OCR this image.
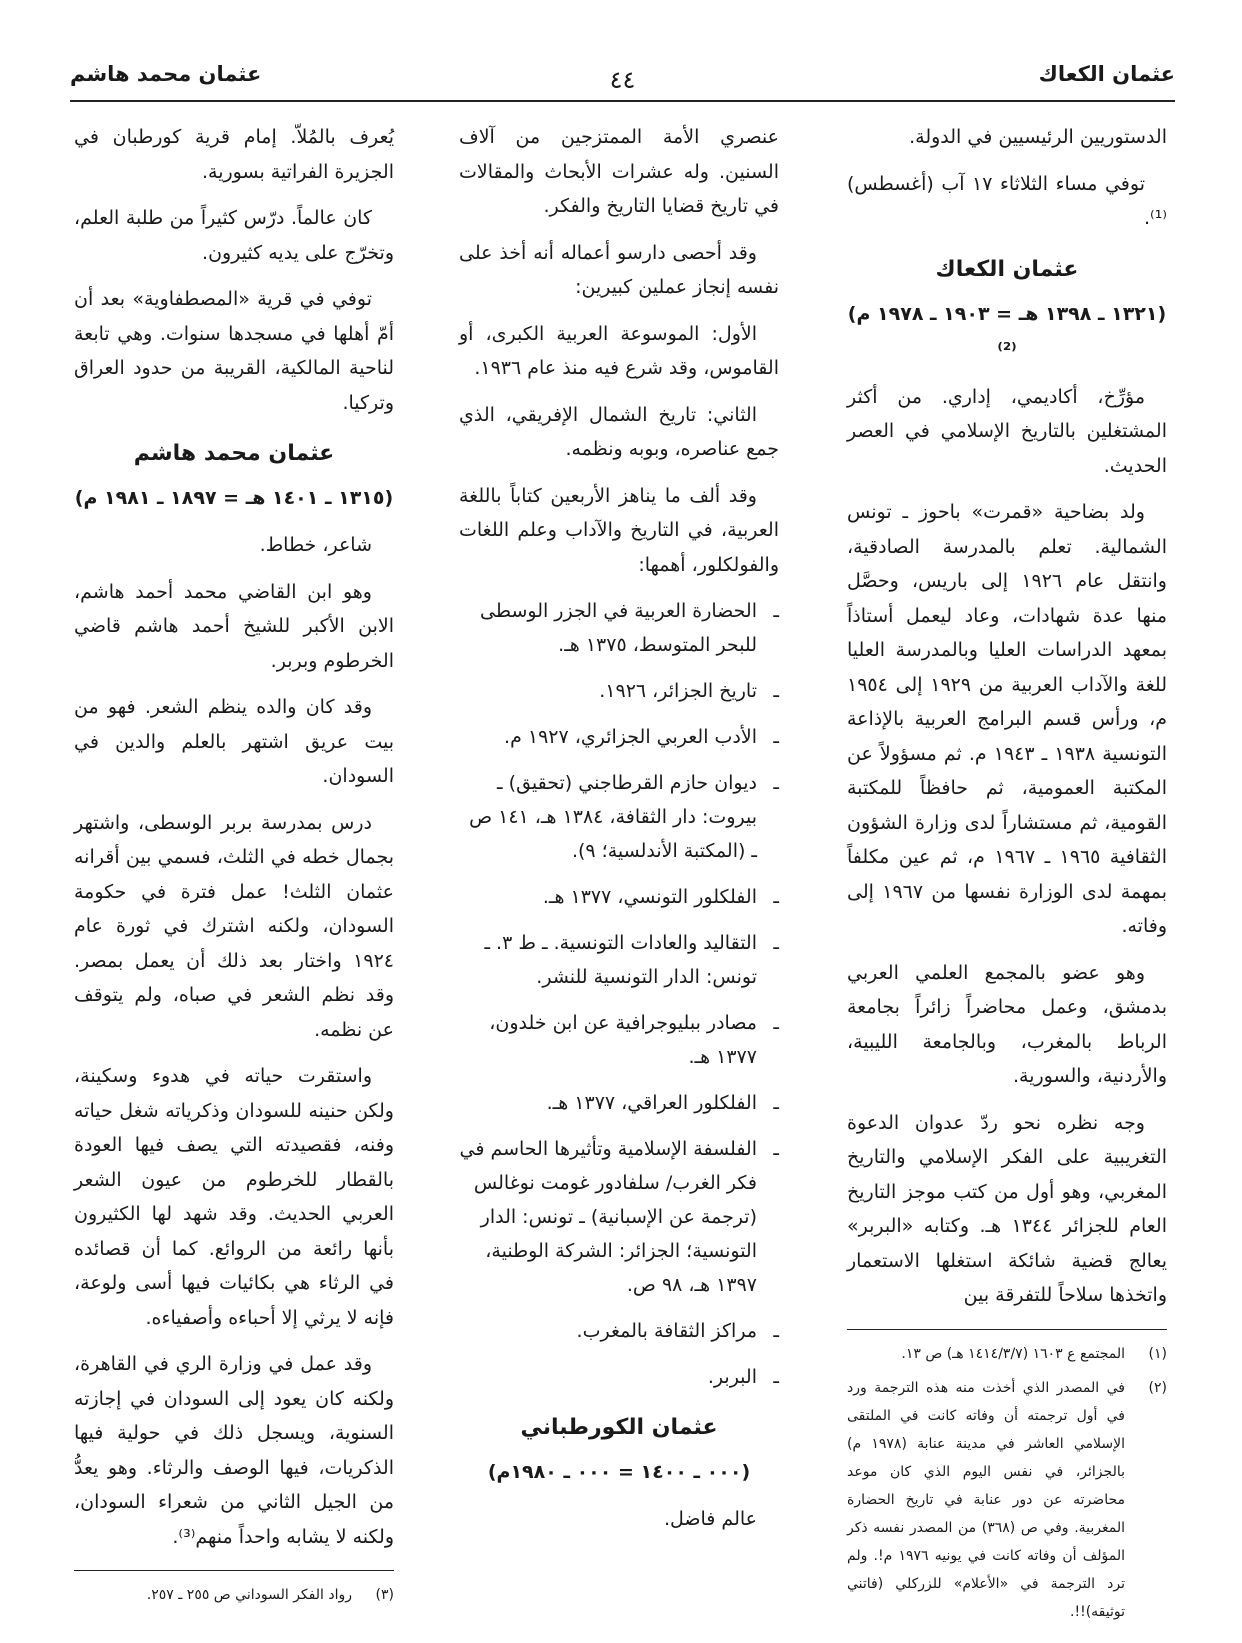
عثمان الكعاك
٤٤
عثمان محمد هاشم

الدستوريين الرئيسيين في الدولة.

توفي مساء الثلاثاء ١٧ آب (أغسطس)⁽¹⁾.

عثمان الكعاك
(١٣٢١ ـ ١٣٩٨ هـ = ١٩٠٣ ـ ١٩٧٨ م)⁽²⁾

مؤرِّخ، أكاديمي، إداري. من أكثر المشتغلين بالتاريخ الإسلامي في العصر الحديث.

ولد بضاحية «قمرت» باحوز ـ تونس الشمالية. تعلم بالمدرسة الصادقية، وانتقل عام ١٩٢٦ إلى باريس، وحصَّل منها عدة شهادات، وعاد ليعمل أستاذاً بمعهد الدراسات العليا وبالمدرسة العليا للغة والآداب العربية من ١٩٢٩ إلى ١٩٥٤ م، ورأس قسم البرامج العربية بالإذاعة التونسية ١٩٣٨ ـ ١٩٤٣ م. ثم مسؤولاً عن المكتبة العمومية، ثم حافظاً للمكتبة القومية، ثم مستشاراً لدى وزارة الشؤون الثقافية ١٩٦٥ ـ ١٩٦٧ م، ثم عين مكلفاً بمهمة لدى الوزارة نفسها من ١٩٦٧ إلى وفاته.

وهو عضو بالمجمع العلمي العربي بدمشق، وعمل محاضراً زائراً بجامعة الرباط بالمغرب، وبالجامعة الليبية، والأردنية، والسورية.

وجه نظره نحو ردّ عدوان الدعوة التغريبية على الفكر الإسلامي والتاريخ المغربي، وهو أول من كتب موجز التاريخ العام للجزائر ١٣٤٤ هـ. وكتابه «البربر» يعالج قضية شائكة استغلها الاستعمار واتخذها سلاحاً للتفرقة بين

(١)
المجتمع ع ١٦٠٣ (١٤١٤/٣/٧ هـ) ص ١٣.
(٢)
في المصدر الذي أخذت منه هذه الترجمة ورد في أول ترجمته أن وفاته كانت في الملتقى الإسلامي العاشر في مدينة عنابة (١٩٧٨ م) بالجزائر، في نفس اليوم الذي كان موعد محاضرته عن دور عنابة في تاريخ الحضارة المغربية. وفي ص (٣٦٨) من المصدر نفسه ذكر المؤلف أن وفاته كانت في يونيه ١٩٧٦ م!. ولم ترد الترجمة في «الأعلام» للزركلي (فاتني توثيقه)!!.

عنصري الأمة الممتزجين من آلاف السنين. وله عشرات الأبحاث والمقالات في تاريخ قضايا التاريخ والفكر.

وقد أحصى دارسو أعماله أنه أخذ على نفسه إنجاز عملين كبيرين:

الأول: الموسوعة العربية الكبرى، أو القاموس، وقد شرع فيه منذ عام ١٩٣٦.

الثاني: تاريخ الشمال الإفريقي، الذي جمع عناصره، وبوبه ونظمه.

وقد ألف ما يناهز الأربعين كتاباً باللغة العربية، في التاريخ والآداب وعلم اللغات والفولكلور، أهمها:

ـ
الحضارة العربية في الجزر الوسطى للبحر المتوسط، ١٣٧٥ هـ.
ـ
تاريخ الجزائر، ١٩٢٦.
ـ
الأدب العربي الجزائري، ١٩٢٧ م.
ـ
ديوان حازم القرطاجني (تحقيق) ـ بيروت: دار الثقافة، ١٣٨٤ هـ، ١٤١ ص ـ (المكتبة الأندلسية؛ ٩).
ـ
الفلكلور التونسي، ١٣٧٧ هـ.
ـ
التقاليد والعادات التونسية. ـ ط ٣. ـ تونس: الدار التونسية للنشر.
ـ
مصادر ببليوجرافية عن ابن خلدون، ١٣٧٧ هـ.
ـ
الفلكلور العراقي، ١٣٧٧ هـ.
ـ
الفلسفة الإسلامية وتأثيرها الحاسم في فكر الغرب/ سلفادور غومت نوغالس (ترجمة عن الإسبانية) ـ تونس: الدار التونسية؛ الجزائر: الشركة الوطنية، ١٣٩٧ هـ، ٩٨ ص.
ـ
مراكز الثقافة بالمغرب.
ـ
البربر.
عثمان الكورطباني
(٠٠٠ ـ ١٤٠٠ = ٠٠٠ ـ ١٩٨٠م)

عالم فاضل.

يُعرف بالمُلاّ. إمام قرية كورطبان في الجزيرة الفراتية بسورية.

كان عالماً. درّس كثيراً من طلبة العلم، وتخرّج على يديه كثيرون.

توفي في قرية «المصطفاوية» بعد أن أمّ أهلها في مسجدها سنوات. وهي تابعة لناحية المالكية، القريبة من حدود العراق وتركيا.

عثمان محمد هاشم
(١٣١٥ ـ ١٤٠١ هـ = ١٨٩٧ ـ ١٩٨١ م)

شاعر، خطاط.

وهو ابن القاضي محمد أحمد هاشم، الابن الأكبر للشيخ أحمد هاشم قاضي الخرطوم وبربر.

وقد كان والده ينظم الشعر. فهو من بيت عريق اشتهر بالعلم والدين في السودان.

درس بمدرسة بربر الوسطى، واشتهر بجمال خطه في الثلث، فسمي بين أقرانه عثمان الثلث! عمل فترة في حكومة السودان، ولكنه اشترك في ثورة عام ١٩٢٤ واختار بعد ذلك أن يعمل بمصر. وقد نظم الشعر في صباه، ولم يتوقف عن نظمه.

واستقرت حياته في هدوء وسكينة، ولكن حنينه للسودان وذكرياته شغل حياته وفنه، فقصيدته التي يصف فيها العودة بالقطار للخرطوم من عيون الشعر العربي الحديث. وقد شهد لها الكثيرون بأنها رائعة من الروائع. كما أن قصائده في الرثاء هي بكائيات فيها أسى ولوعة، فإنه لا يرثي إلا أحباءه وأصفياءه.

وقد عمل في وزارة الري في القاهرة، ولكنه كان يعود إلى السودان في إجازته السنوية، ويسجل ذلك في حولية فيها الذكريات، فيها الوصف والرثاء. وهو يعدُّ من الجيل الثاني من شعراء السودان، ولكنه لا يشابه واحداً منهم⁽³⁾.

(٣)
رواد الفكر السوداني ص ٢٥٥ ـ ٢٥٧.
